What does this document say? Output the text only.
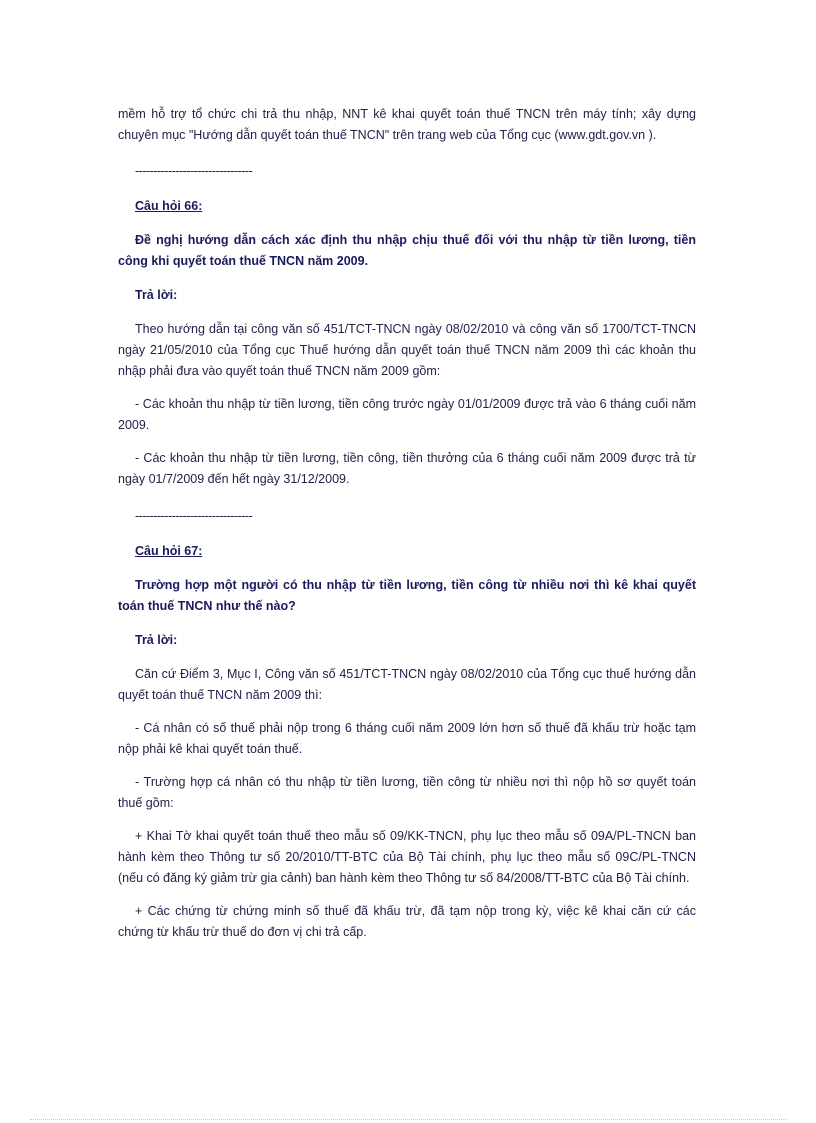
mềm hỗ trợ tổ chức chi trả thu nhập, NNT kê khai quyết toán thuế TNCN trên máy tính; xây dựng chuyên mục "Hướng dẫn quyết toán thuế TNCN" trên trang web của Tổng cục (www.gdt.gov.vn ).

--------------------------------

Câu hỏi 66:

Đề nghị hướng dẫn cách xác định thu nhập chịu thuế đối với thu nhập từ tiền lương, tiền công khi quyết toán thuế TNCN năm 2009.

Trả lời:

Theo hướng dẫn tại công văn số 451/TCT-TNCN ngày 08/02/2010 và công văn số 1700/TCT-TNCN ngày 21/05/2010 của Tổng cục Thuế hướng dẫn quyết toán thuế TNCN năm 2009 thì các khoản thu nhập phải đưa vào quyết toán thuế TNCN năm 2009 gồm:

- Các khoản thu nhập từ tiền lương, tiền công trước ngày 01/01/2009 được trả vào 6 tháng cuối năm 2009.

- Các khoản thu nhập từ tiền lương, tiền công, tiền thưởng của 6 tháng cuối năm 2009 được trả từ ngày 01/7/2009 đến hết ngày 31/12/2009.

--------------------------------

Câu hỏi 67:

Trường hợp một người có thu nhập từ tiền lương, tiền công từ nhiều nơi thì kê khai quyết toán thuế TNCN như thế nào?

Trả lời:

Căn cứ Điểm 3, Mục I, Công văn số 451/TCT-TNCN ngày 08/02/2010 của Tổng cục thuế hướng dẫn quyết toán thuế TNCN năm 2009 thì:

- Cá nhân có số thuế phải nộp trong 6 tháng cuối năm 2009 lớn hơn số thuế đã khấu trừ hoặc tạm nộp phải kê khai quyết toán thuế.

- Trường hợp cá nhân có thu nhập từ tiền lương, tiền công từ nhiều nơi thì nộp hồ sơ quyết toán thuế gồm:

+ Khai Tờ khai quyết toán thuế theo mẫu số 09/KK-TNCN, phụ lục theo mẫu số 09A/PL-TNCN ban hành kèm theo Thông tư số 20/2010/TT-BTC của Bộ Tài chính, phụ lục theo mẫu số 09C/PL-TNCN (nếu có đăng ký giảm trừ gia cảnh) ban hành kèm theo Thông tư số 84/2008/TT-BTC của Bộ Tài chính.

+ Các chứng từ chứng minh số thuế đã khấu trừ, đã tạm nộp trong kỳ, việc kê khai căn cứ các chứng từ khấu trừ thuế do đơn vị chi trả cấp.
